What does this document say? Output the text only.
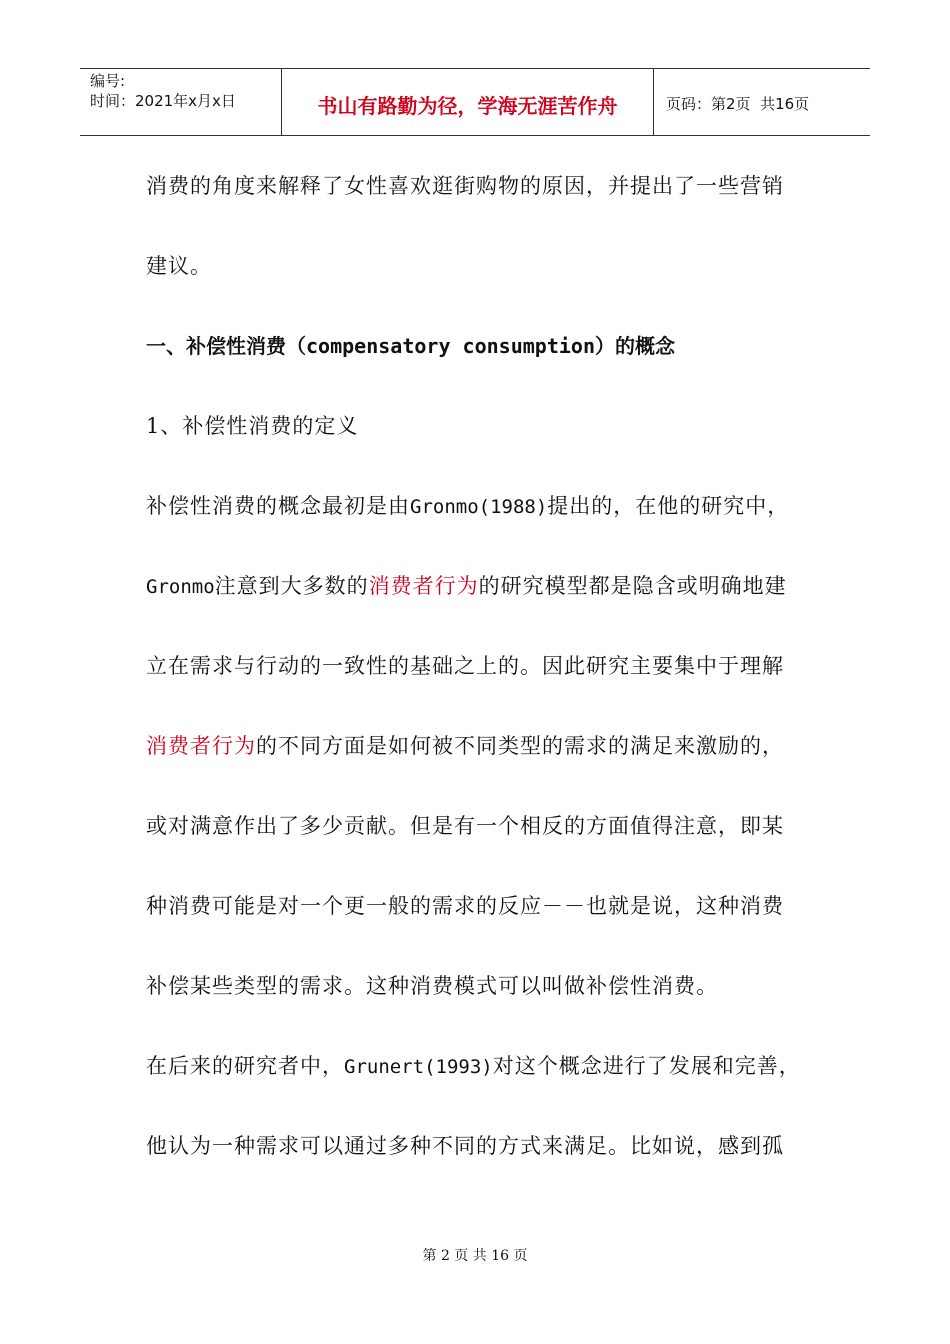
编号:
时间：2021年x月x日	书山有路勤为径，学海无涯苦作舟	页码：第2页  共16页
消费的角度来解释了女性喜欢逛街购物的原因，并提出了一些营销
建议。
一、补偿性消费（compensatory consumption）的概念
1、补偿性消费的定义
补偿性消费的概念最初是由Gronmo(1988)提出的，在他的研究中，
Gronmo注意到大多数的消费者行为的研究模型都是隐含或明确地建
立在需求与行动的一致性的基础之上的。因此研究主要集中于理解
消费者行为的不同方面是如何被不同类型的需求的满足来激励的，
或对满意作出了多少贡献。但是有一个相反的方面值得注意，即某
种消费可能是对一个更一般的需求的反应－－也就是说，这种消费
补偿某些类型的需求。这种消费模式可以叫做补偿性消费。
在后来的研究者中，Grunert(1993)对这个概念进行了发展和完善，
他认为一种需求可以通过多种不同的方式来满足。比如说，感到孤
第 2 页 共 16 页
